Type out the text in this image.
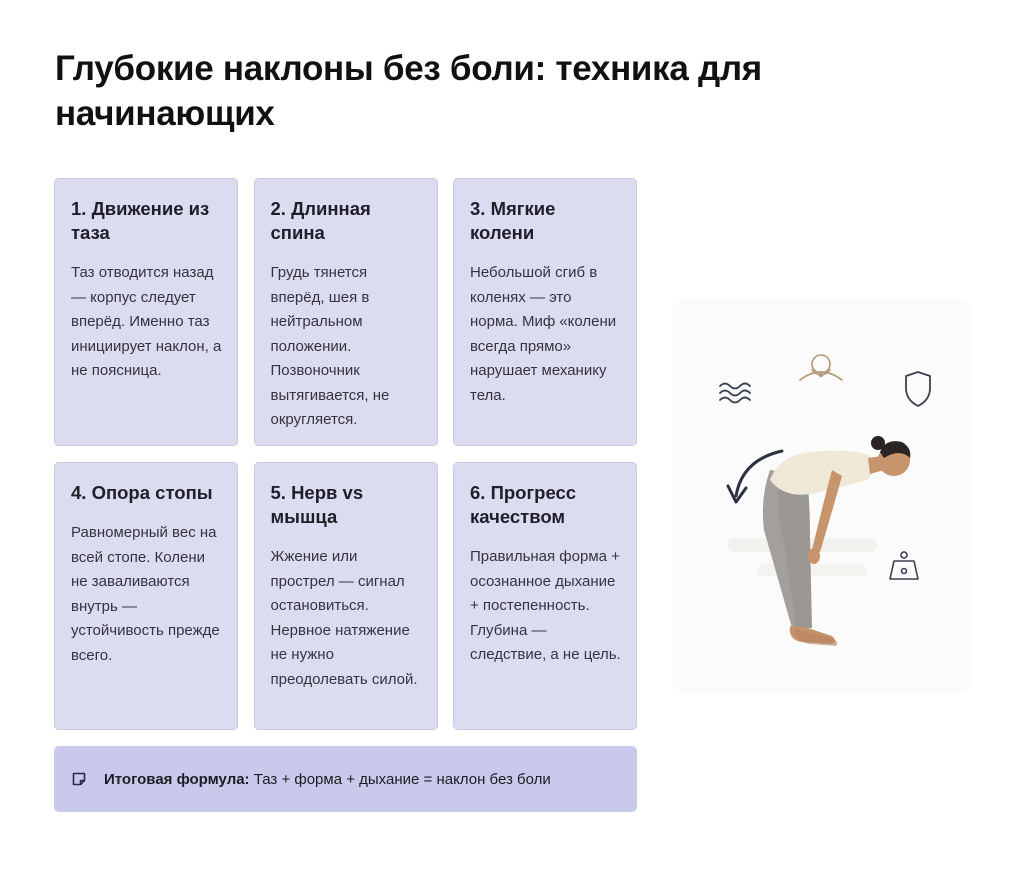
Глубокие наклоны без боли: техника для начинающих
1. Движение из таза
Таз отводится назад — корпус следует вперёд. Именно таз инициирует наклон, а не поясница.
2. Длинная спина
Грудь тянется вперёд, шея в нейтральном положении. Позвоночник вытягивается, не округляется.
3. Мягкие колени
Небольшой сгиб в коленях — это норма. Миф «колени всегда прямо» нарушает механику тела.
4. Опора стопы
Равномерный вес на всей стопе. Колени не заваливаются внутрь — устойчивость прежде всего.
5. Нерв vs мышца
Жжение или прострел — сигнал остановиться. Нервное натяжение не нужно преодолевать силой.
6. Прогресс качеством
Правильная форма + осознанное дыхание + постепенность. Глубина — следствие, а не цель.
Итоговая формула: Таз + форма + дыхание = наклон без боли
